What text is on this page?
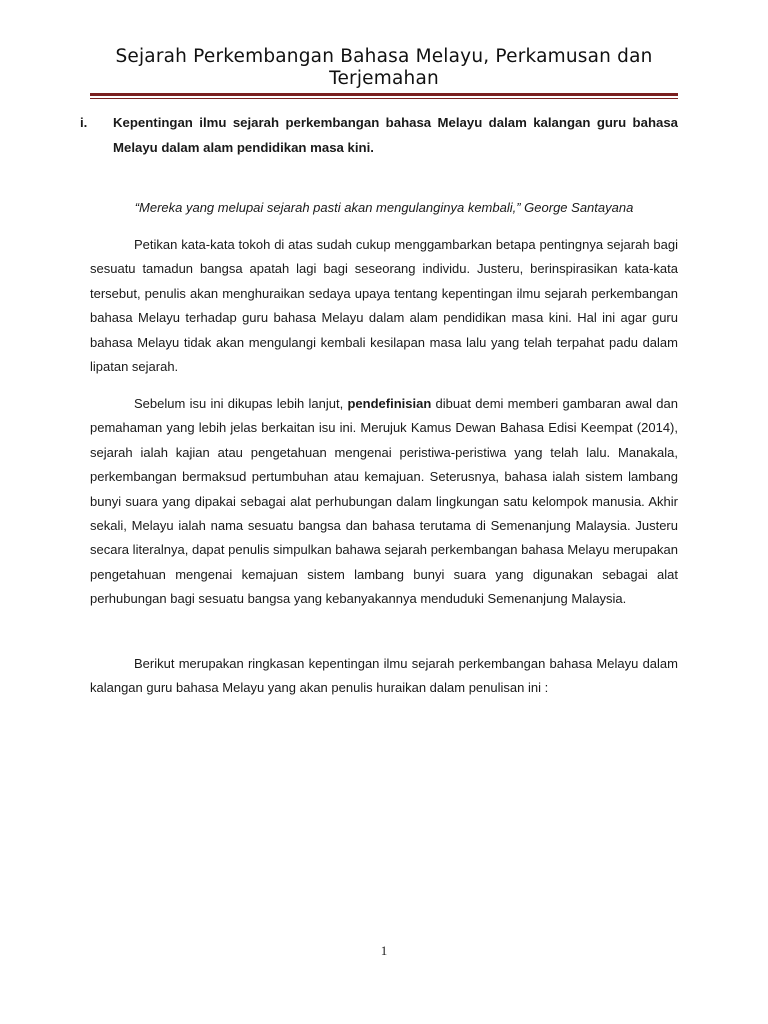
Sejarah Perkembangan Bahasa Melayu, Perkamusan dan Terjemahan
i. Kepentingan ilmu sejarah perkembangan bahasa Melayu dalam kalangan guru bahasa Melayu dalam alam pendidikan masa kini.
“Mereka yang melupai sejarah pasti akan mengulanginya kembali,” George Santayana

Petikan kata-kata tokoh di atas sudah cukup menggambarkan betapa pentingnya sejarah bagi sesuatu tamadun bangsa apatah lagi bagi seseorang individu. Justeru, berinspirasikan kata-kata tersebut, penulis akan menghuraikan sedaya upaya tentang kepentingan ilmu sejarah perkembangan bahasa Melayu terhadap guru bahasa Melayu dalam alam pendidikan masa kini. Hal ini agar guru bahasa Melayu tidak akan mengulangi kembali kesilapan masa lalu yang telah terpahat padu dalam lipatan sejarah.

Sebelum isu ini dikupas lebih lanjut, pendefinisian dibuat demi memberi gambaran awal dan pemahaman yang lebih jelas berkaitan isu ini. Merujuk Kamus Dewan Bahasa Edisi Keempat (2014), sejarah ialah kajian atau pengetahuan mengenai peristiwa-peristiwa yang telah lalu. Manakala, perkembangan bermaksud pertumbuhan atau kemajuan. Seterusnya, bahasa ialah sistem lambang bunyi suara yang dipakai sebagai alat perhubungan dalam lingkungan satu kelompok manusia. Akhir sekali, Melayu ialah nama sesuatu bangsa dan bahasa terutama di Semenanjung Malaysia. Justeru secara literalnya, dapat penulis simpulkan bahawa sejarah perkembangan bahasa Melayu merupakan pengetahuan mengenai kemajuan sistem lambang bunyi suara yang digunakan sebagai alat perhubungan bagi sesuatu bangsa yang kebanyakannya menduduki Semenanjung Malaysia.

Berikut merupakan ringkasan kepentingan ilmu sejarah perkembangan bahasa Melayu dalam kalangan guru bahasa Melayu yang akan penulis huraikan dalam penulisan ini :

1
